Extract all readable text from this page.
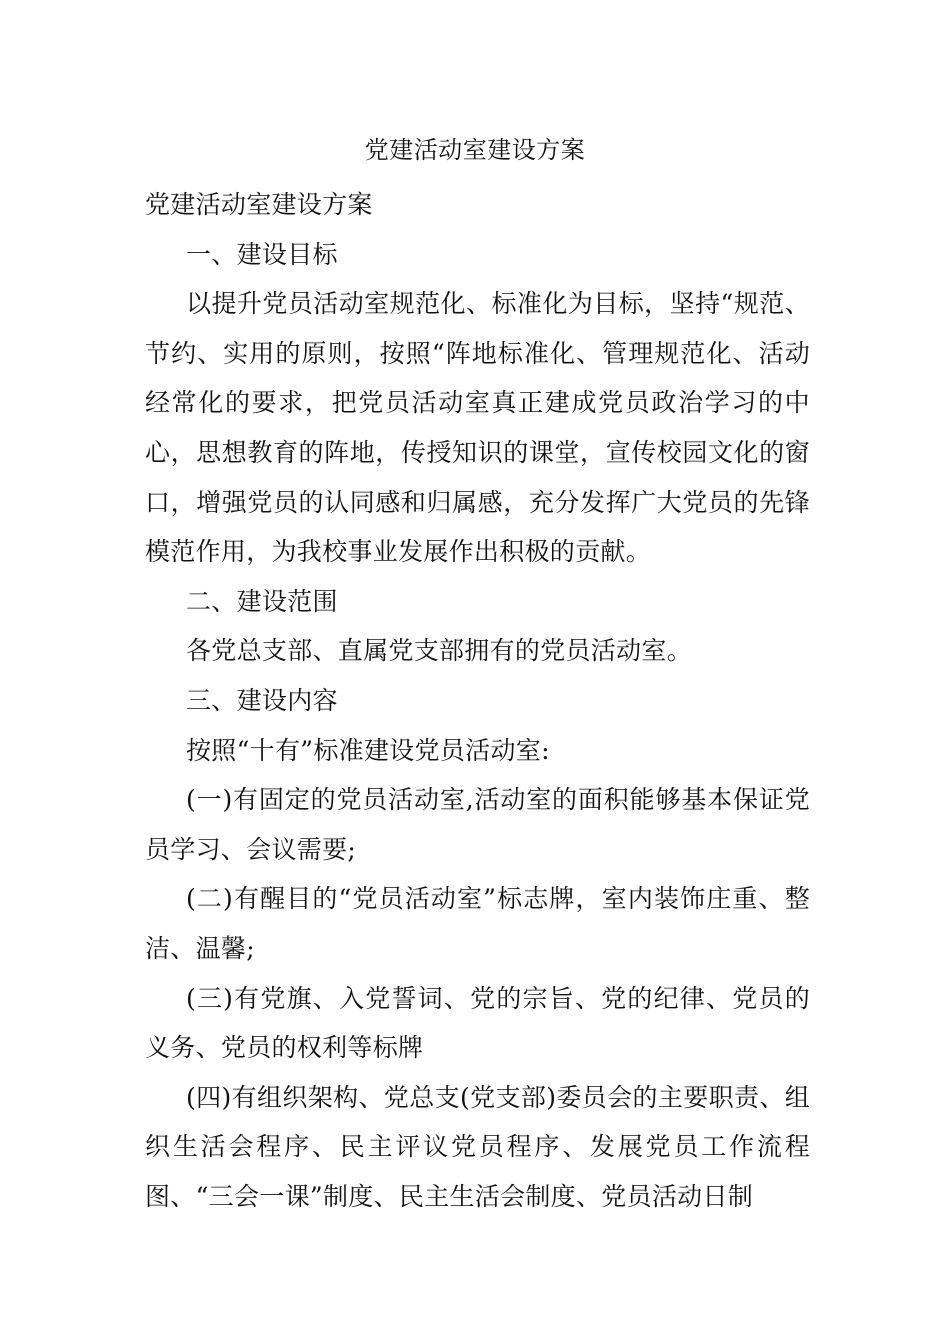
党建活动室建设方案

党建活动室建设方案

一、建设目标

以提升党员活动室规范化、标准化为目标，坚持“规范、节约、实用的原则，按照“阵地标准化、管理规范化、活动经常化的要求，把党员活动室真正建成党员政治学习的中心，思想教育的阵地，传授知识的课堂，宣传校园文化的窗口，增强党员的认同感和归属感，充分发挥广大党员的先锋模范作用，为我校事业发展作出积极的贡献。

二、建设范围

各党总支部、直属党支部拥有的党员活动室。

三、建设内容

按照“十有”标准建设党员活动室:

(一)有固定的党员活动室,活动室的面积能够基本保证党员学习、会议需要;

(二)有醒目的“党员活动室”标志牌，室内装饰庄重、整洁、温馨;

(三)有党旗、入党誓词、党的宗旨、党的纪律、党员的义务、党员的权利等标牌

(四)有组织架构、党总支(党支部)委员会的主要职责、组织生活会程序、民主评议党员程序、发展党员工作流程图、“三会一课”制度、民主生活会制度、党员活动日制
